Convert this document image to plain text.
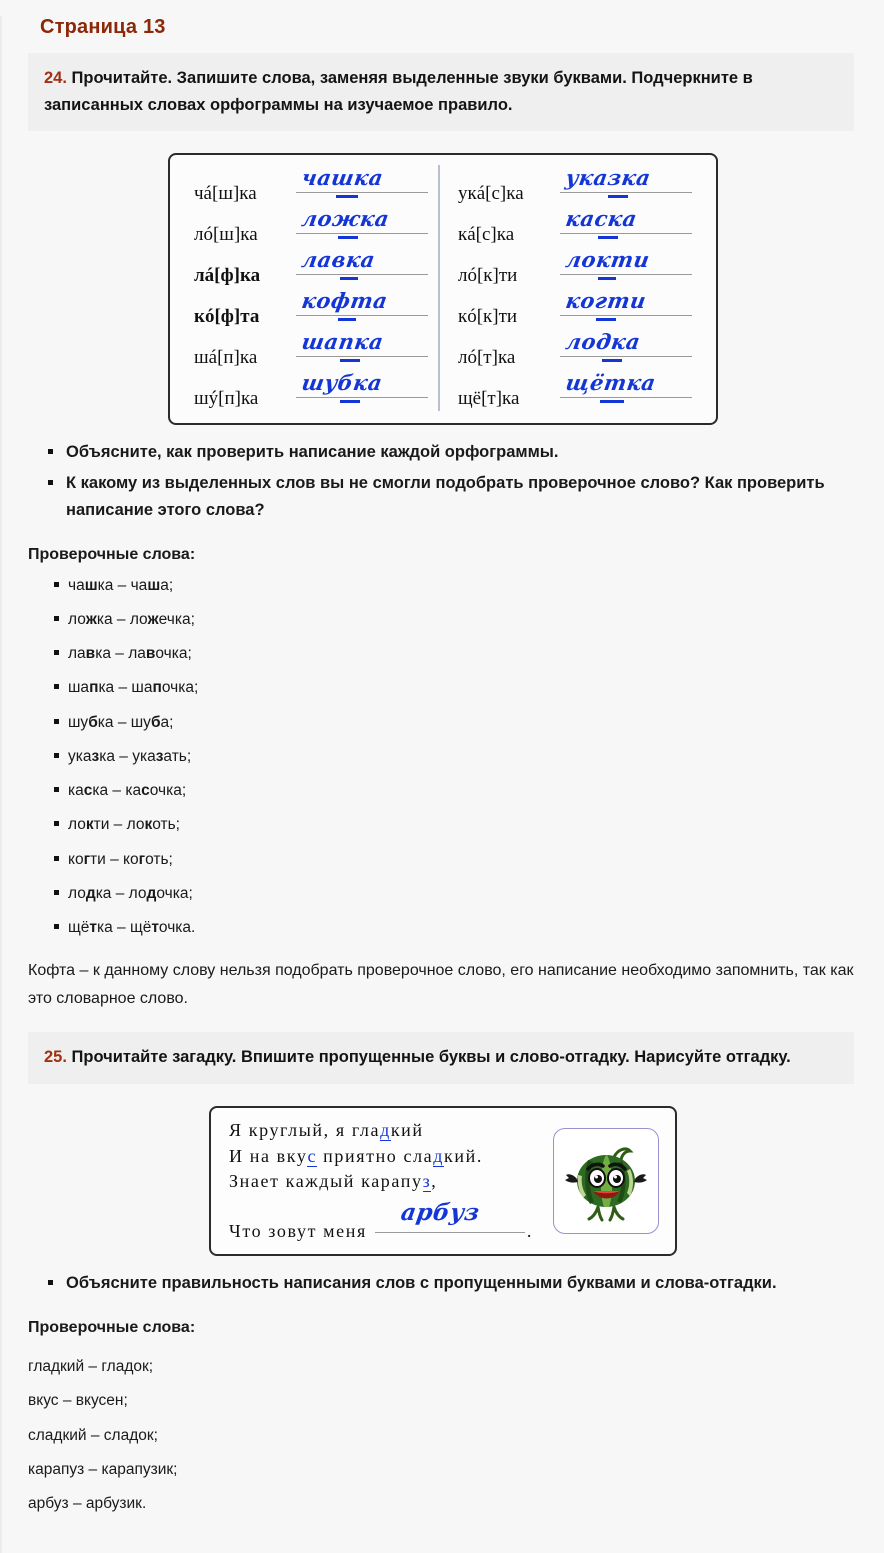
Страница 13
24. Прочитайте. Запишите слова, заменяя выделенные звуки буквами. Подчеркните в записанных словах орфограммы на изучаемое правило.
чá[ш]ка
чашка
лó[ш]ка
ложка
лá[ф]ка
лавка
кó[ф]та
кофта
шá[п]ка
шапка
шý[п]ка
шубка
укá[с]ка
указка
кá[с]ка
каска
лó[к]ти
локти
кó[к]ти
когти
лó[т]ка
лодка
щё[т]ка
щётка
Объясните, как проверить написание каждой орфограммы.
К какому из выделенных слов вы не смогли подобрать проверочное слово? Как проверить написание этого слова?
Проверочные слова:
чашка – чаша;
ложка – ложечка;
лавка – лавочка;
шапка – шапочка;
шубка – шуба;
указка – указать;
каска – касочка;
локти – локоть;
когти – коготь;
лодка – лодочка;
щётка – щёточка.

Кофта – к данному слову нельзя подобрать проверочное слово, его написание необходимо запомнить, так как это словарное слово.

25. Прочитайте загадку. Впишите пропущенные буквы и слово-отгадку. Нарисуйте отгадку.
Я круглый, я гладкий
И на вкус приятно сладкий.
Знает каждый карапуз,
Что зовут меня
арбуз
.
Объясните правильность написания слов с пропущенными буквами и слова-отгадки.
Проверочные слова:
гладкий – гладок;
вкус – вкусен;
сладкий – сладок;
карапуз – карапузик;
арбуз – арбузик.
